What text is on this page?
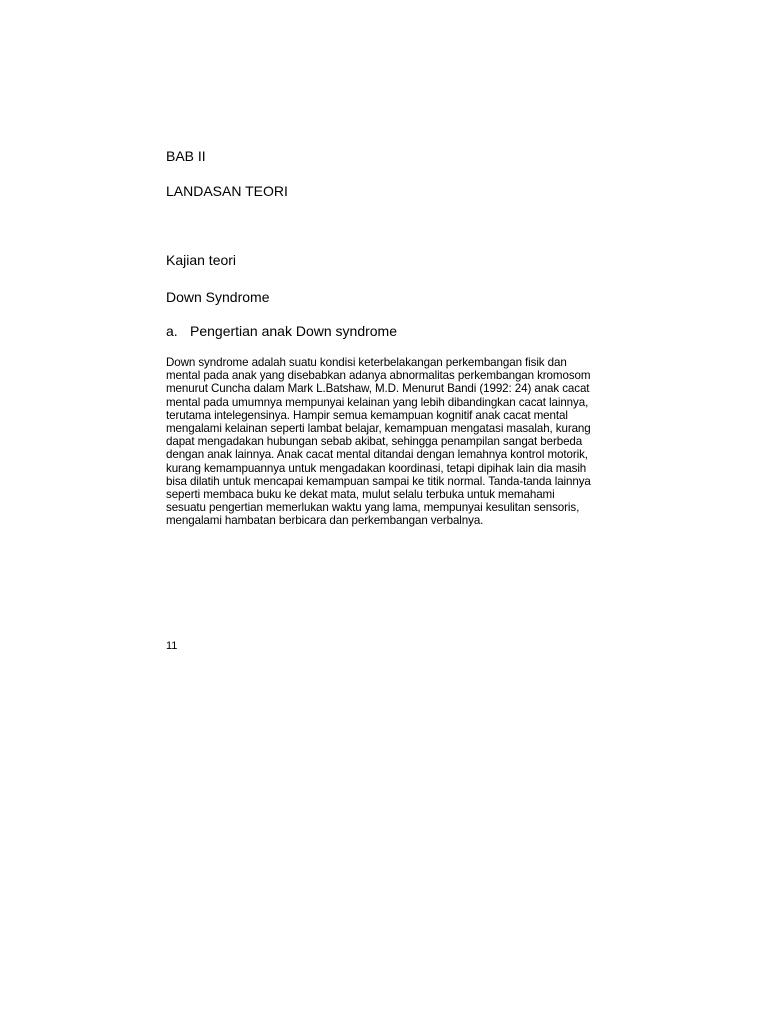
BAB II
LANDASAN TEORI
Kajian teori
Down Syndrome
a. Pengertian anak Down syndrome

Down syndrome adalah suatu kondisi keterbelakangan perkembangan fisik dan
mental pada anak yang disebabkan adanya abnormalitas perkembangan kromosom
menurut Cuncha dalam Mark L.Batshaw, M.D. Menurut Bandi (1992: 24) anak cacat
mental pada umumnya mempunyai kelainan yang lebih dibandingkan cacat lainnya,
terutama intelegensinya. Hampir semua kemampuan kognitif anak cacat mental
mengalami kelainan seperti lambat belajar, kemampuan mengatasi masalah, kurang
dapat mengadakan hubungan sebab akibat, sehingga penampilan sangat berbeda
dengan anak lainnya. Anak cacat mental ditandai dengan lemahnya kontrol motorik,
kurang kemampuannya untuk mengadakan koordinasi, tetapi dipihak lain dia masih
bisa dilatih untuk mencapai kemampuan sampai ke titik normal. Tanda-tanda lainnya
seperti membaca buku ke dekat mata, mulut selalu terbuka untuk memahami
sesuatu pengertian memerlukan waktu yang lama, mempunyai kesulitan sensoris,
mengalami hambatan berbicara dan perkembangan verbalnya.

11
